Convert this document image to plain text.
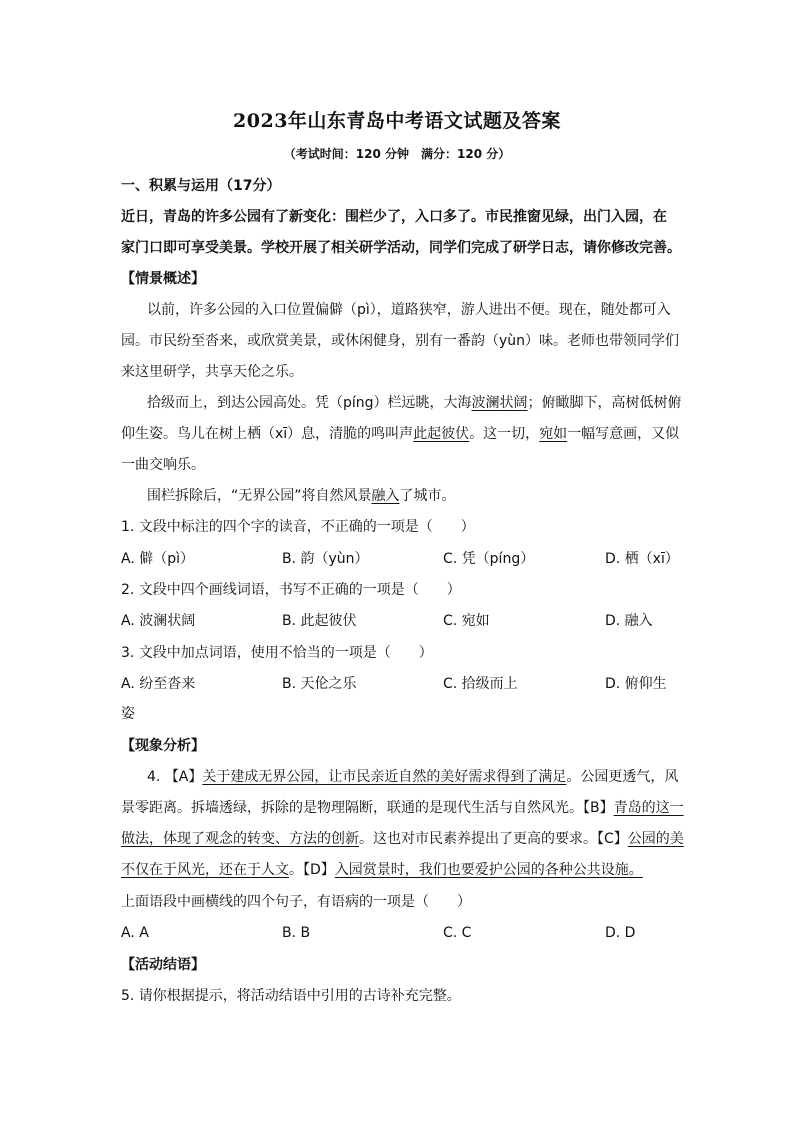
2023年山东青岛中考语文试题及答案
（考试时间：120 分钟　满分：120 分）
一、积累与运用（17分）
近日，青岛的许多公园有了新变化：围栏少了，入口多了。市民推窗见绿，出门入园，在
家门口即可享受美景。学校开展了相关研学活动，同学们完成了研学日志，请你修改完善。
【情景概述】
以前，许多公园的入口位置偏僻（pì），道路狭窄，游人进出不便。现在，随处都可入
园。市民纷至沓来，或欣赏美景，或休闲健身，别有一番韵（yùn）味。老师也带领同学们
来这里研学，共享天伦之乐。
拾级而上，到达公园高处。凭（píng）栏远眺，大海波澜状阔；俯瞰脚下，高树低树俯
仰生姿。鸟儿在树上栖（xī）息，清脆的鸣叫声此起彼伏。这一切，宛如一幅写意画，又似
一曲交响乐。
围栏拆除后，“无界公园”将自然风景融入了城市。
1. 文段中标注的四个字的读音，不正确的一项是（　　）
A. 僻（pì）	B. 韵（yùn）	C. 凭（píng）	D. 栖（xī）
2. 文段中四个画线词语，书写不正确的一项是（　　）
A. 波澜状阔	B. 此起彼伏	C. 宛如	D. 融入
3. 文段中加点词语，使用不恰当的一项是（　　）
A. 纷至沓来	B. 天伦之乐	C. 拾级而上	D. 俯仰生
姿
【现象分析】
4. 【A】关于建成无界公园，让市民亲近自然的美好需求得到了满足。公园更透气，风
景零距离。拆墙透绿，拆除的是物理隔断，联通的是现代生活与自然风光。【B】青岛的这一
做法，体现了观念的转变、方法的创新。这也对市民素养提出了更高的要求。【C】公园的美
不仅在于风光，还在于人文。【D】入园赏景时，我们也要爱护公园的各种公共设施。
上面语段中画横线的四个句子，有语病的一项是（　　）
A. A	B. B	C. C	D. D
【活动结语】
5. 请你根据提示，将活动结语中引用的古诗补充完整。
